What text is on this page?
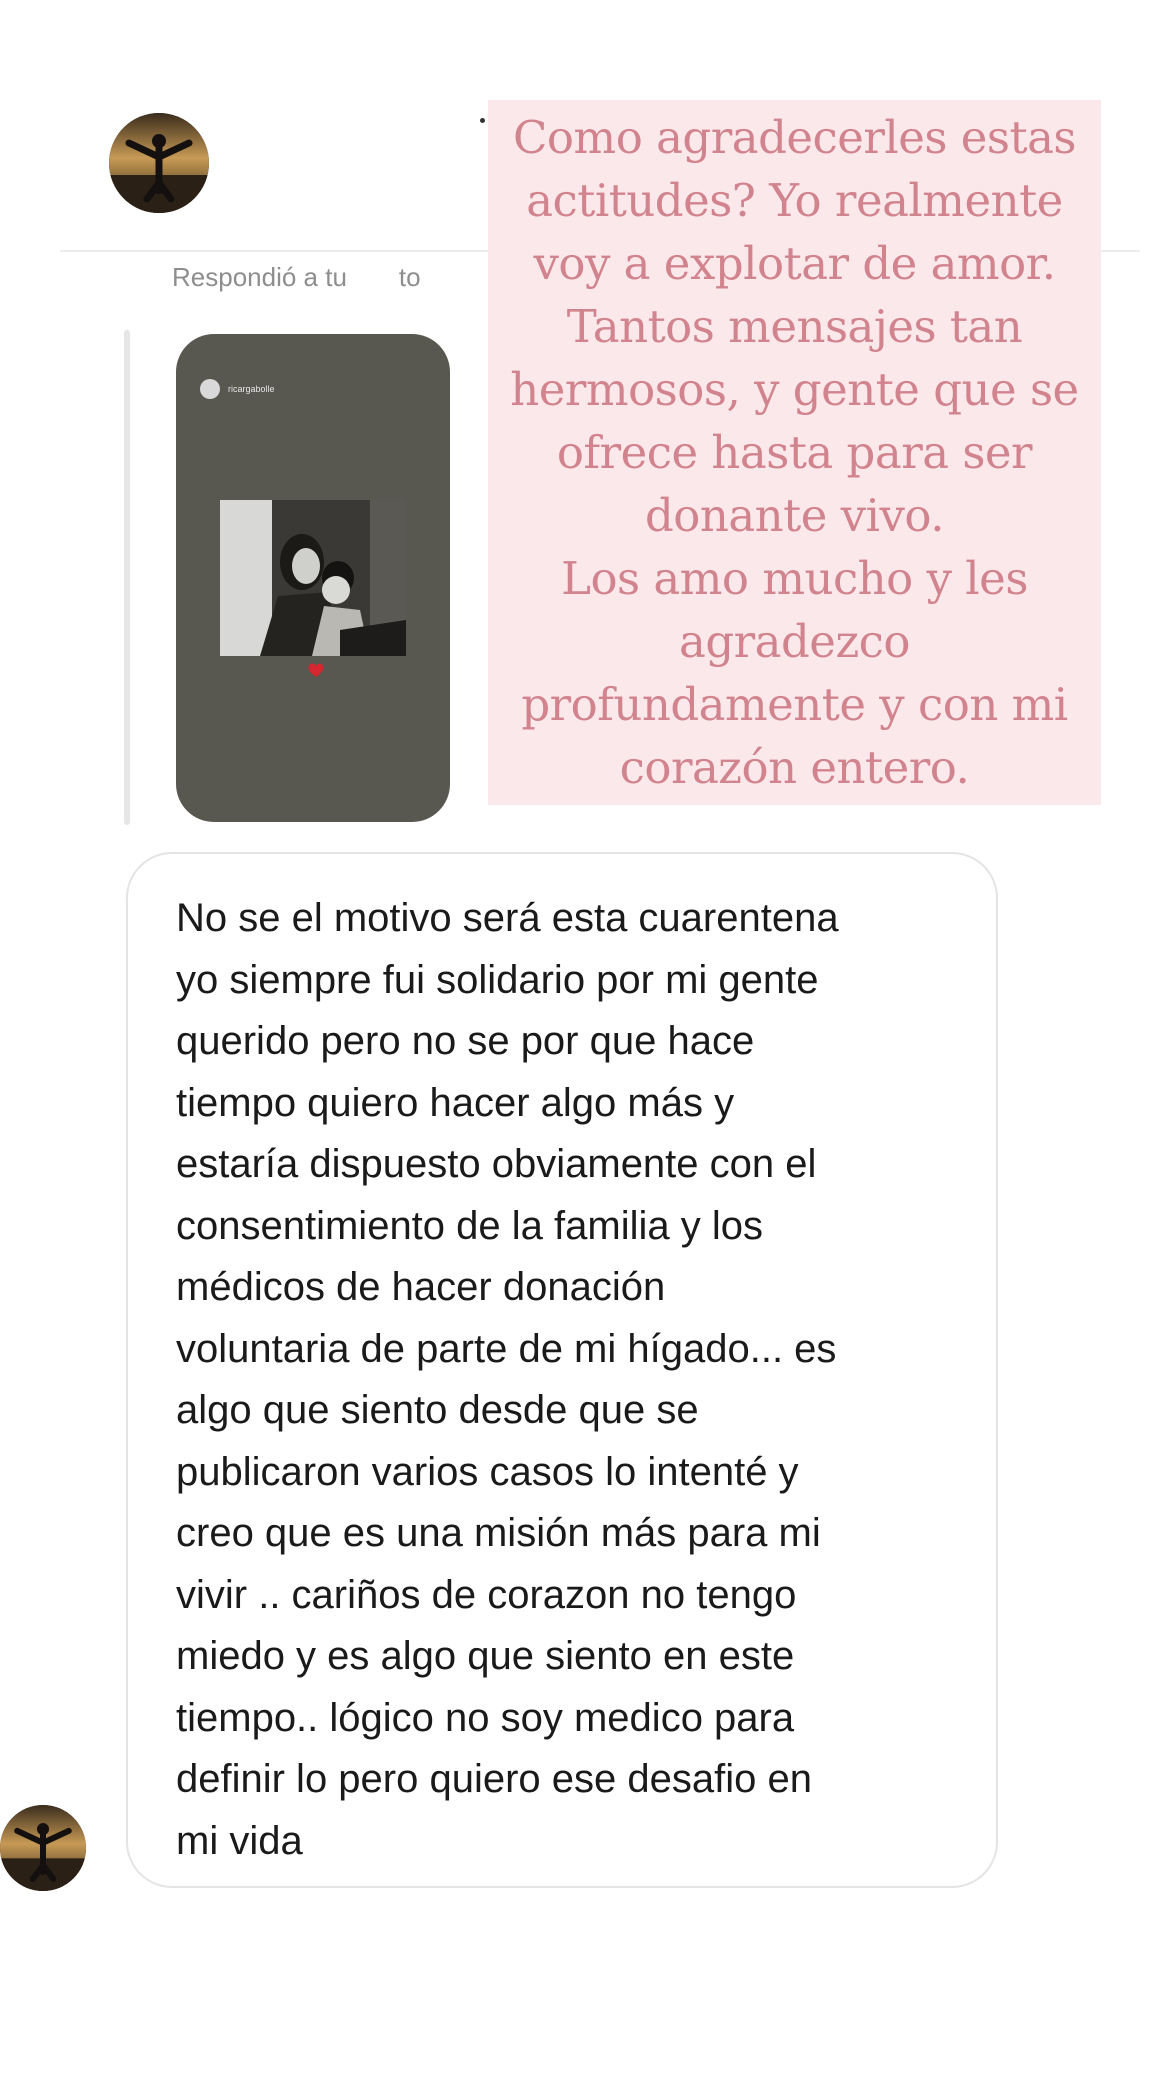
Respondió a tu to
ricargabolle
Como agradecerles estas
actitudes? Yo realmente
voy a explotar de amor.
Tantos mensajes tan
hermosos, y gente que se
ofrece hasta para ser
donante vivo.
Los amo mucho y les
agradezco
profundamente y con mi
corazón entero.
No se el motivo será esta cuarentena
yo siempre fui solidario por mi gente
querido pero no se por que hace
tiempo quiero hacer algo más y
estaría dispuesto obviamente con el
consentimiento de la familia y los
médicos de hacer donación
voluntaria de parte de mi hígado... es
algo que siento desde que se
publicaron varios casos lo intenté y
creo que es una misión más para mi
vivir .. cariños de corazon no tengo
miedo y es algo que siento en este
tiempo.. lógico no soy medico para
definir lo pero quiero ese desafio en
mi vida
